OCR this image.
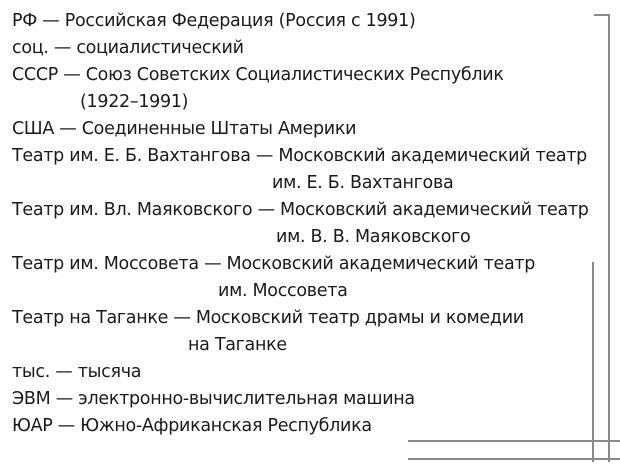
РФ — Российская Федерация (Россия с 1991)
соц. — социалистический
СССР — Союз Советских Социалистических Республик
(1922–1991)
США — Соединенные Штаты Америки
Театр им. Е. Б. Вахтангова — Московский академический театр
им. Е. Б. Вахтангова
Театр им. Вл. Маяковского — Московский академический театр
им. В. В. Маяковского
Театр им. Моссовета — Московский академический театр
им. Моссовета
Театр на Таганке — Московский театр драмы и комедии
на Таганке
тыс. — тысяча
ЭВМ — электронно-вычислительная машина
ЮАР — Южно-Африканская Республика
